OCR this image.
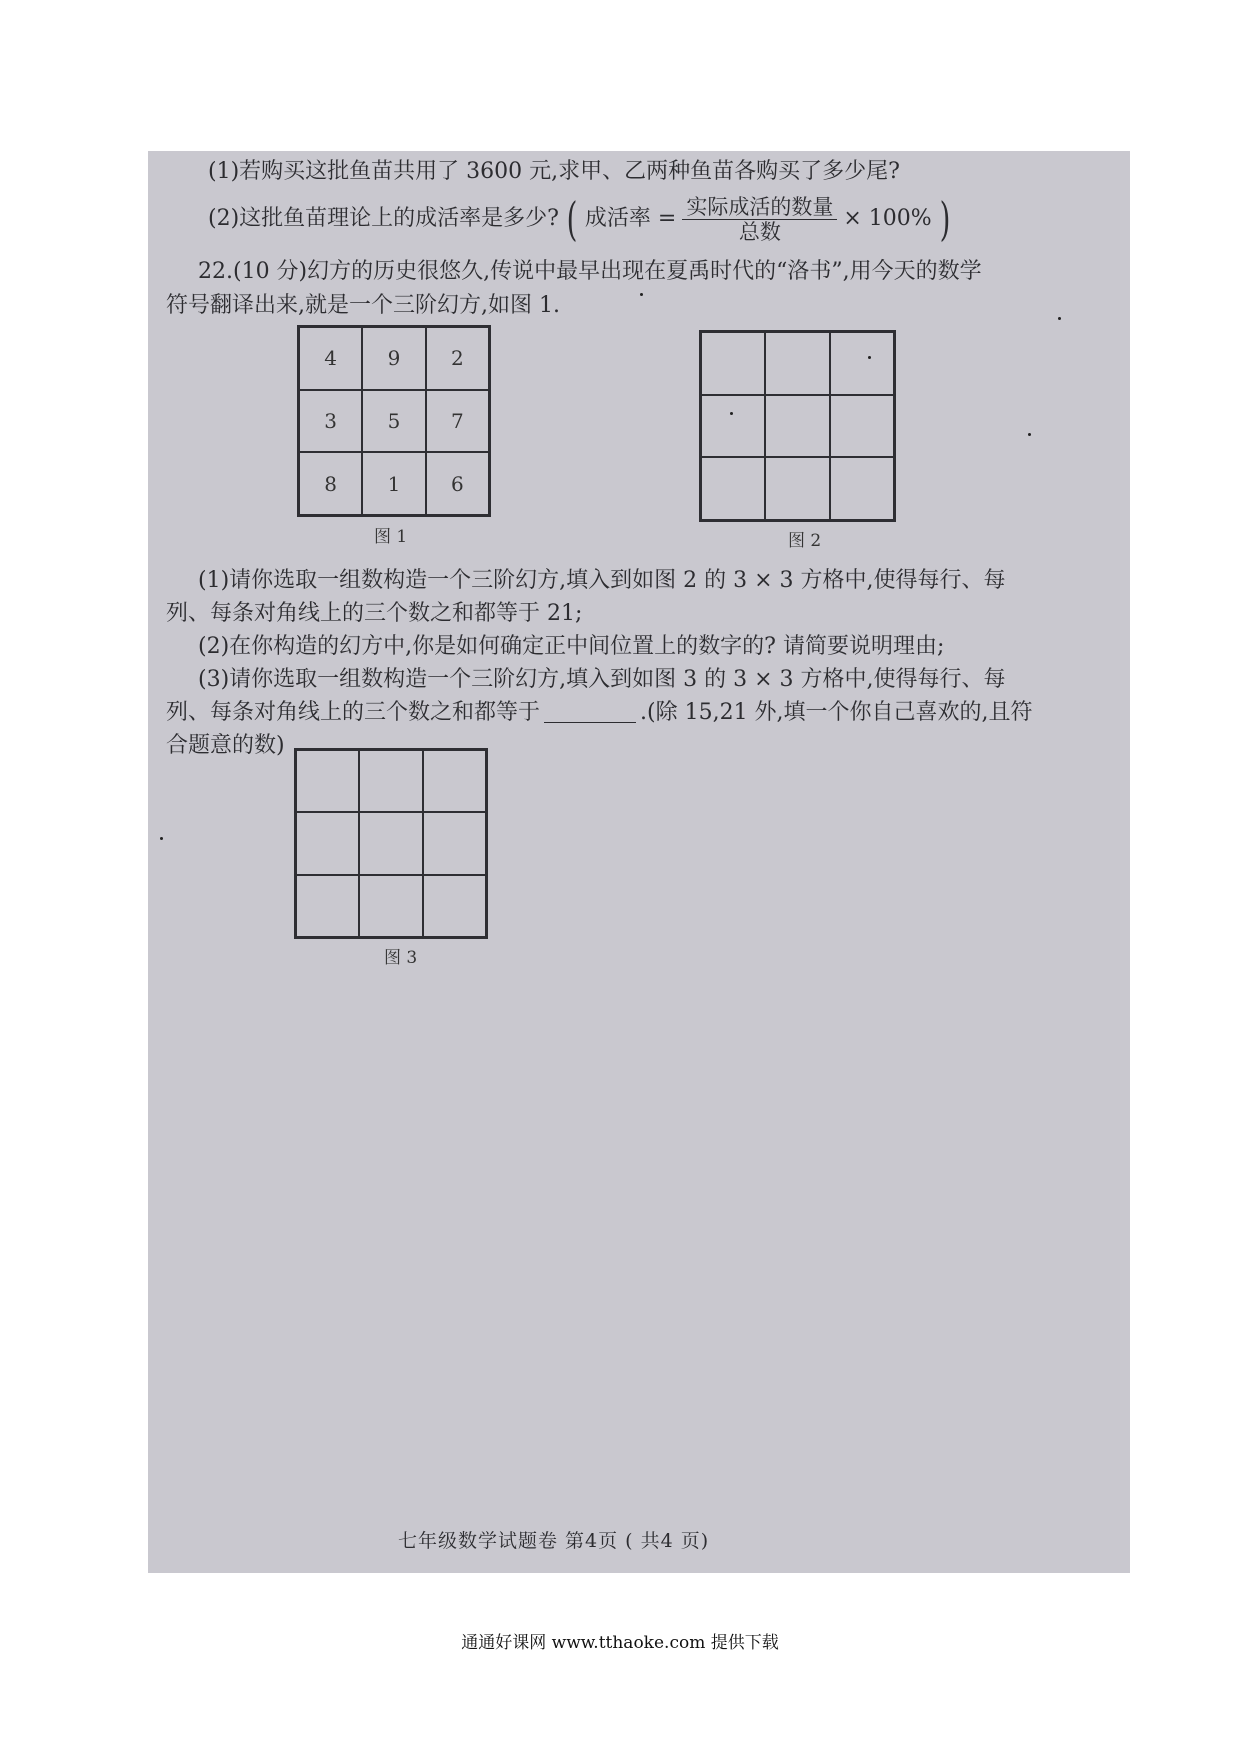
(1)若购买这批鱼苗共用了 3600 元,求甲、乙两种鱼苗各购买了多少尾?
(2)这批鱼苗理论上的成活率是多少? ( 成活率 = $\frac{\text{实际成活的数量}}{\text{总数}} \times 100\%$ )
22.(10 分)幻方的历史很悠久,传说中最早出现在夏禹时代的“洛书”,用今天的数学
符号翻译出来,就是一个三阶幻方,如图 1.
4	9	2
3	5	7
8	1	6
图 1	图 2
(1)请你选取一组数构造一个三阶幻方,填入到如图 2 的 3 × 3 方格中,使得每行、每
列、每条对角线上的三个数之和都等于 21;
(2)在你构造的幻方中,你是如何确定正中间位置上的数字的? 请简要说明理由;
(3)请你选取一组数构造一个三阶幻方,填入到如图 3 的 3 × 3 方格中,使得每行、每
列、每条对角线上的三个数之和都等于	.(除 15,21 外,填一个你自己喜欢的,且符
合题意的数)
图 3
七年级数学试题卷 第4页 ( 共4 页)
通通好课网 www.tthaoke.com 提供下载
